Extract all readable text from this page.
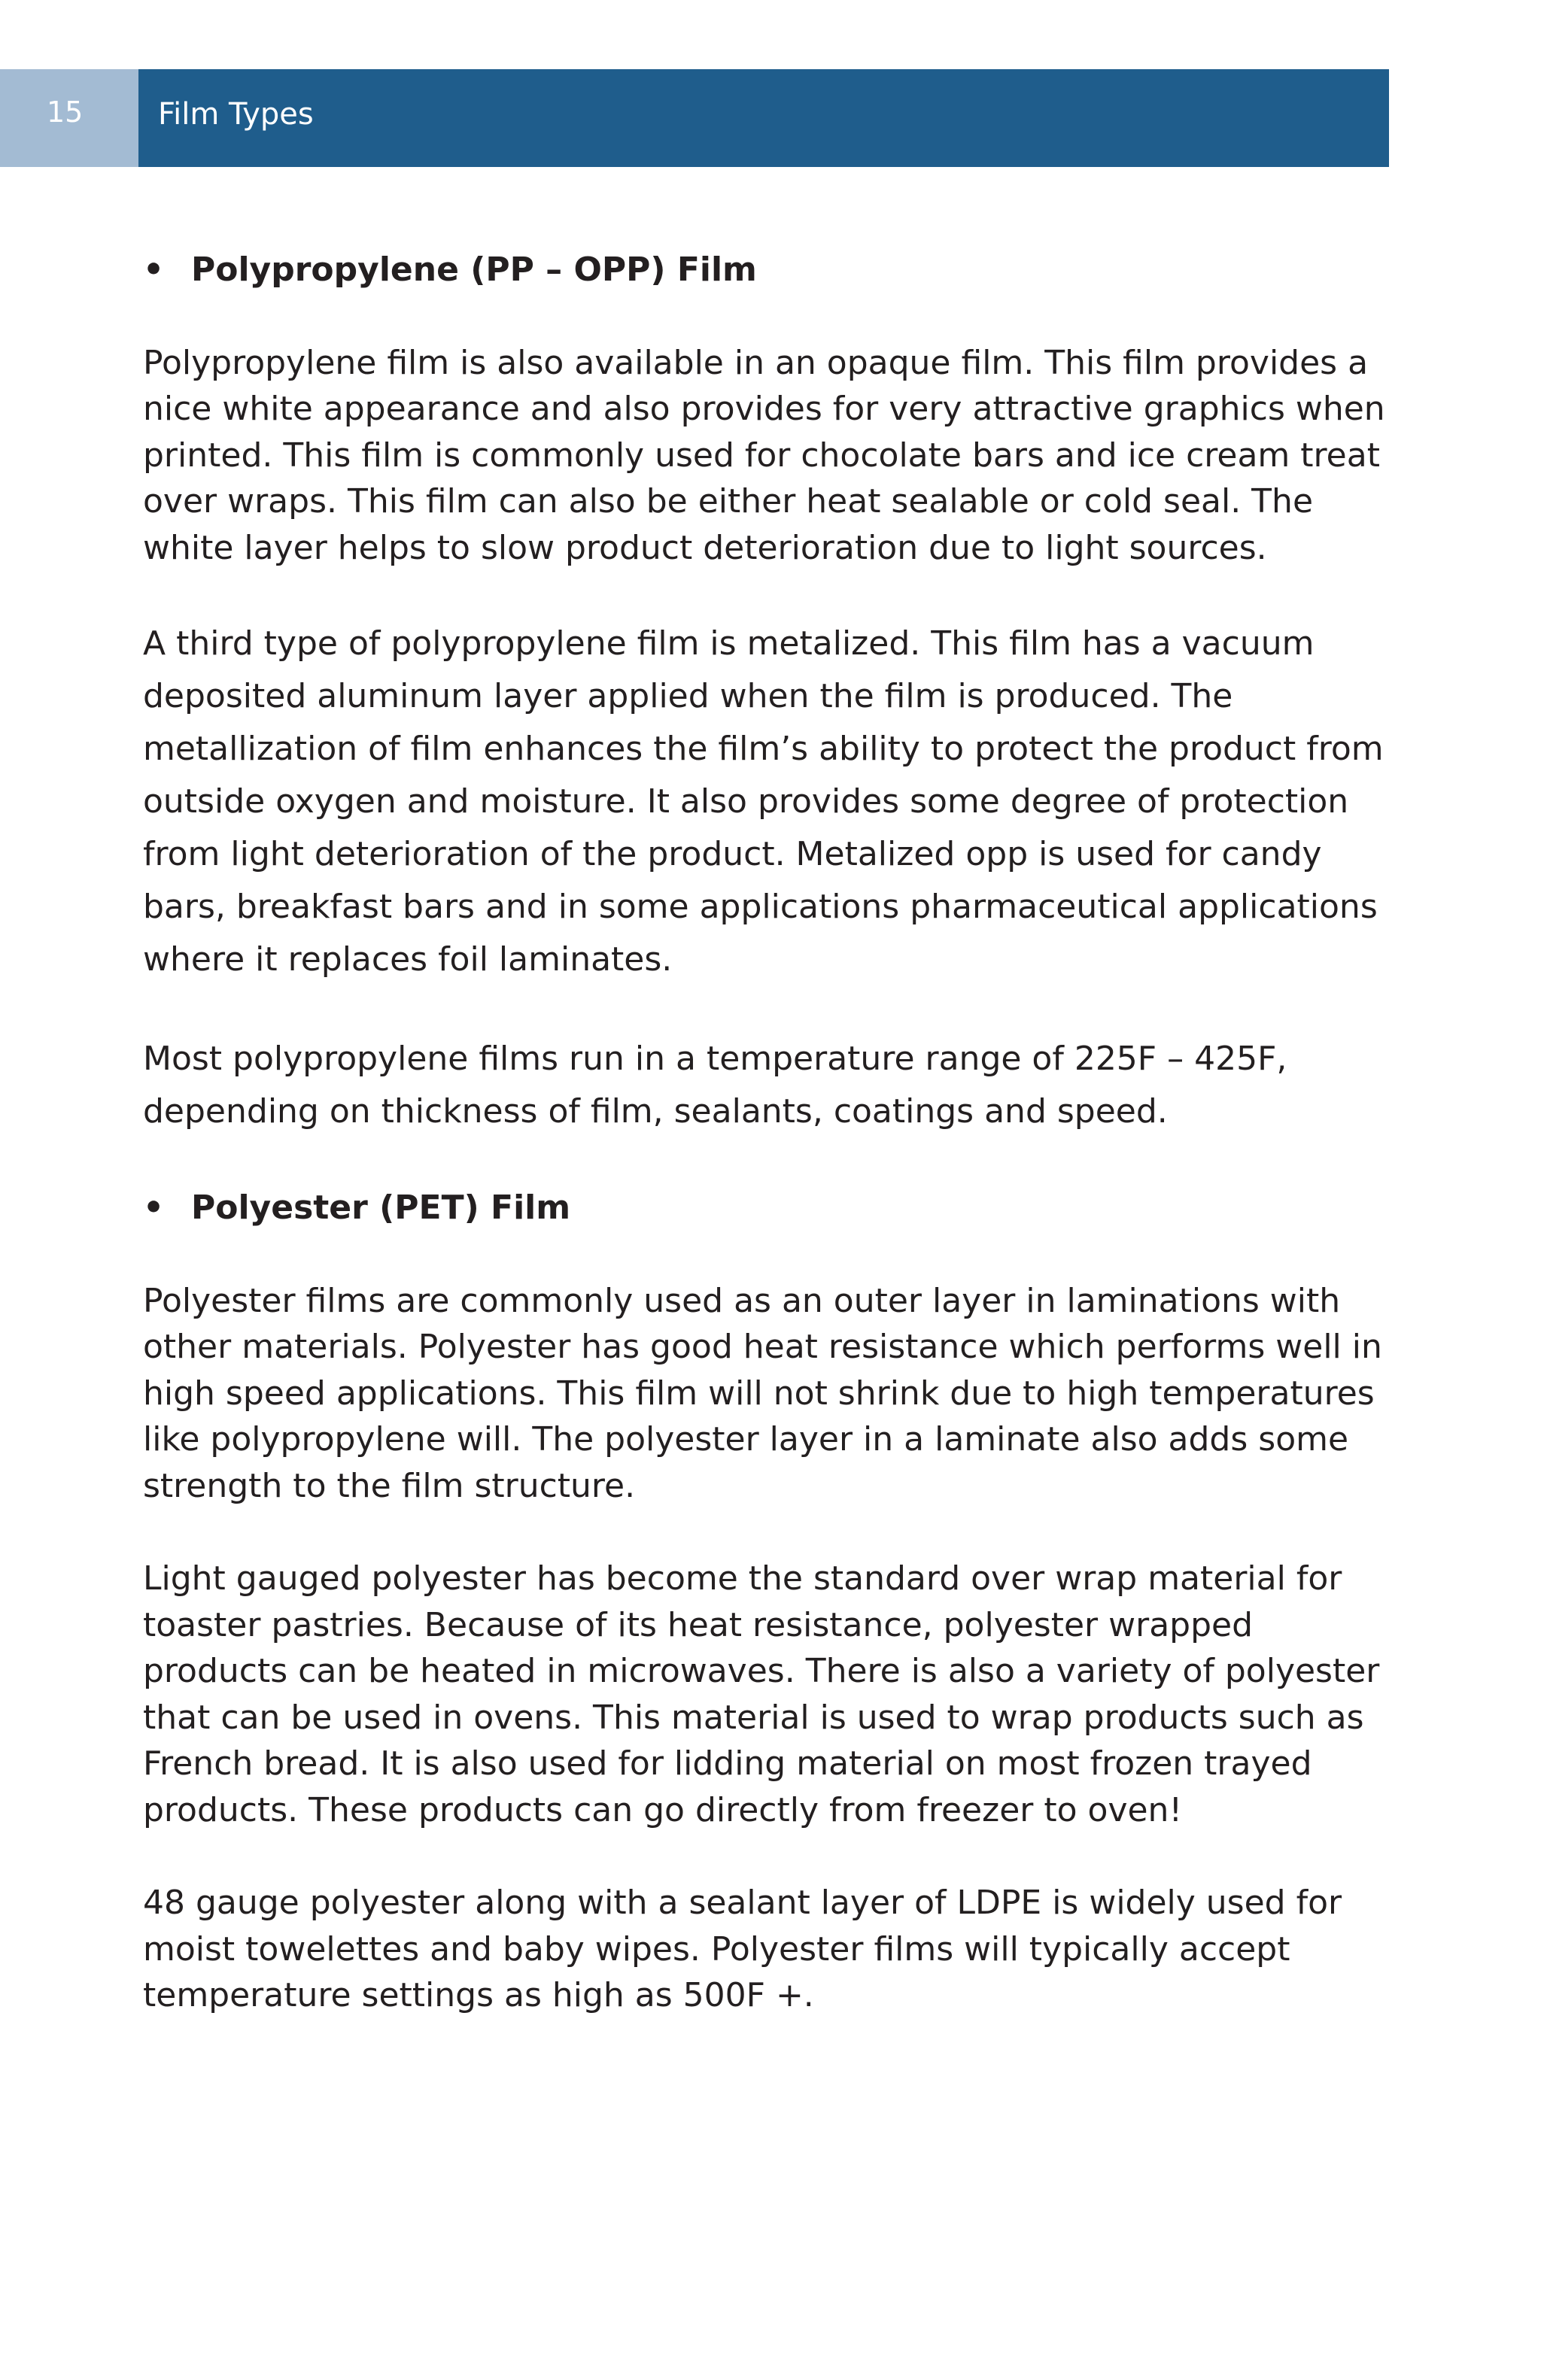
15 Film Types

• Polypropylene (PP – OPP) Film

Polypropylene film is also available in an opaque film. This film provides a nice white appearance and also provides for very attractive graphics when printed. This film is commonly used for chocolate bars and ice cream treat over wraps. This film can also be either heat sealable or cold seal. The white layer helps to slow product deterioration due to light sources.

A third type of polypropylene film is metalized. This film has a vacuum deposited aluminum layer applied when the film is produced. The metallization of film enhances the film’s ability to protect the product from outside oxygen and moisture. It also provides some degree of protection from light deterioration of the product. Metalized opp is used for candy bars, breakfast bars and in some applications pharmaceutical applications where it replaces foil laminates.

Most polypropylene films run in a temperature range of 225F – 425F, depending on thickness of film, sealants, coatings and speed.

• Polyester (PET) Film

Polyester films are commonly used as an outer layer in laminations with other materials. Polyester has good heat resistance which performs well in high speed applications. This film will not shrink due to high temperatures like polypropylene will. The polyester layer in a laminate also adds some strength to the film structure.

Light gauged polyester has become the standard over wrap material for toaster pastries. Because of its heat resistance, polyester wrapped products can be heated in microwaves. There is also a variety of polyester that can be used in ovens. This material is used to wrap products such as French bread. It is also used for lidding material on most frozen trayed products. These products can go directly from freezer to oven!

48 gauge polyester along with a sealant layer of LDPE is widely used for moist towelettes and baby wipes. Polyester films will typically accept temperature settings as high as 500F +.
